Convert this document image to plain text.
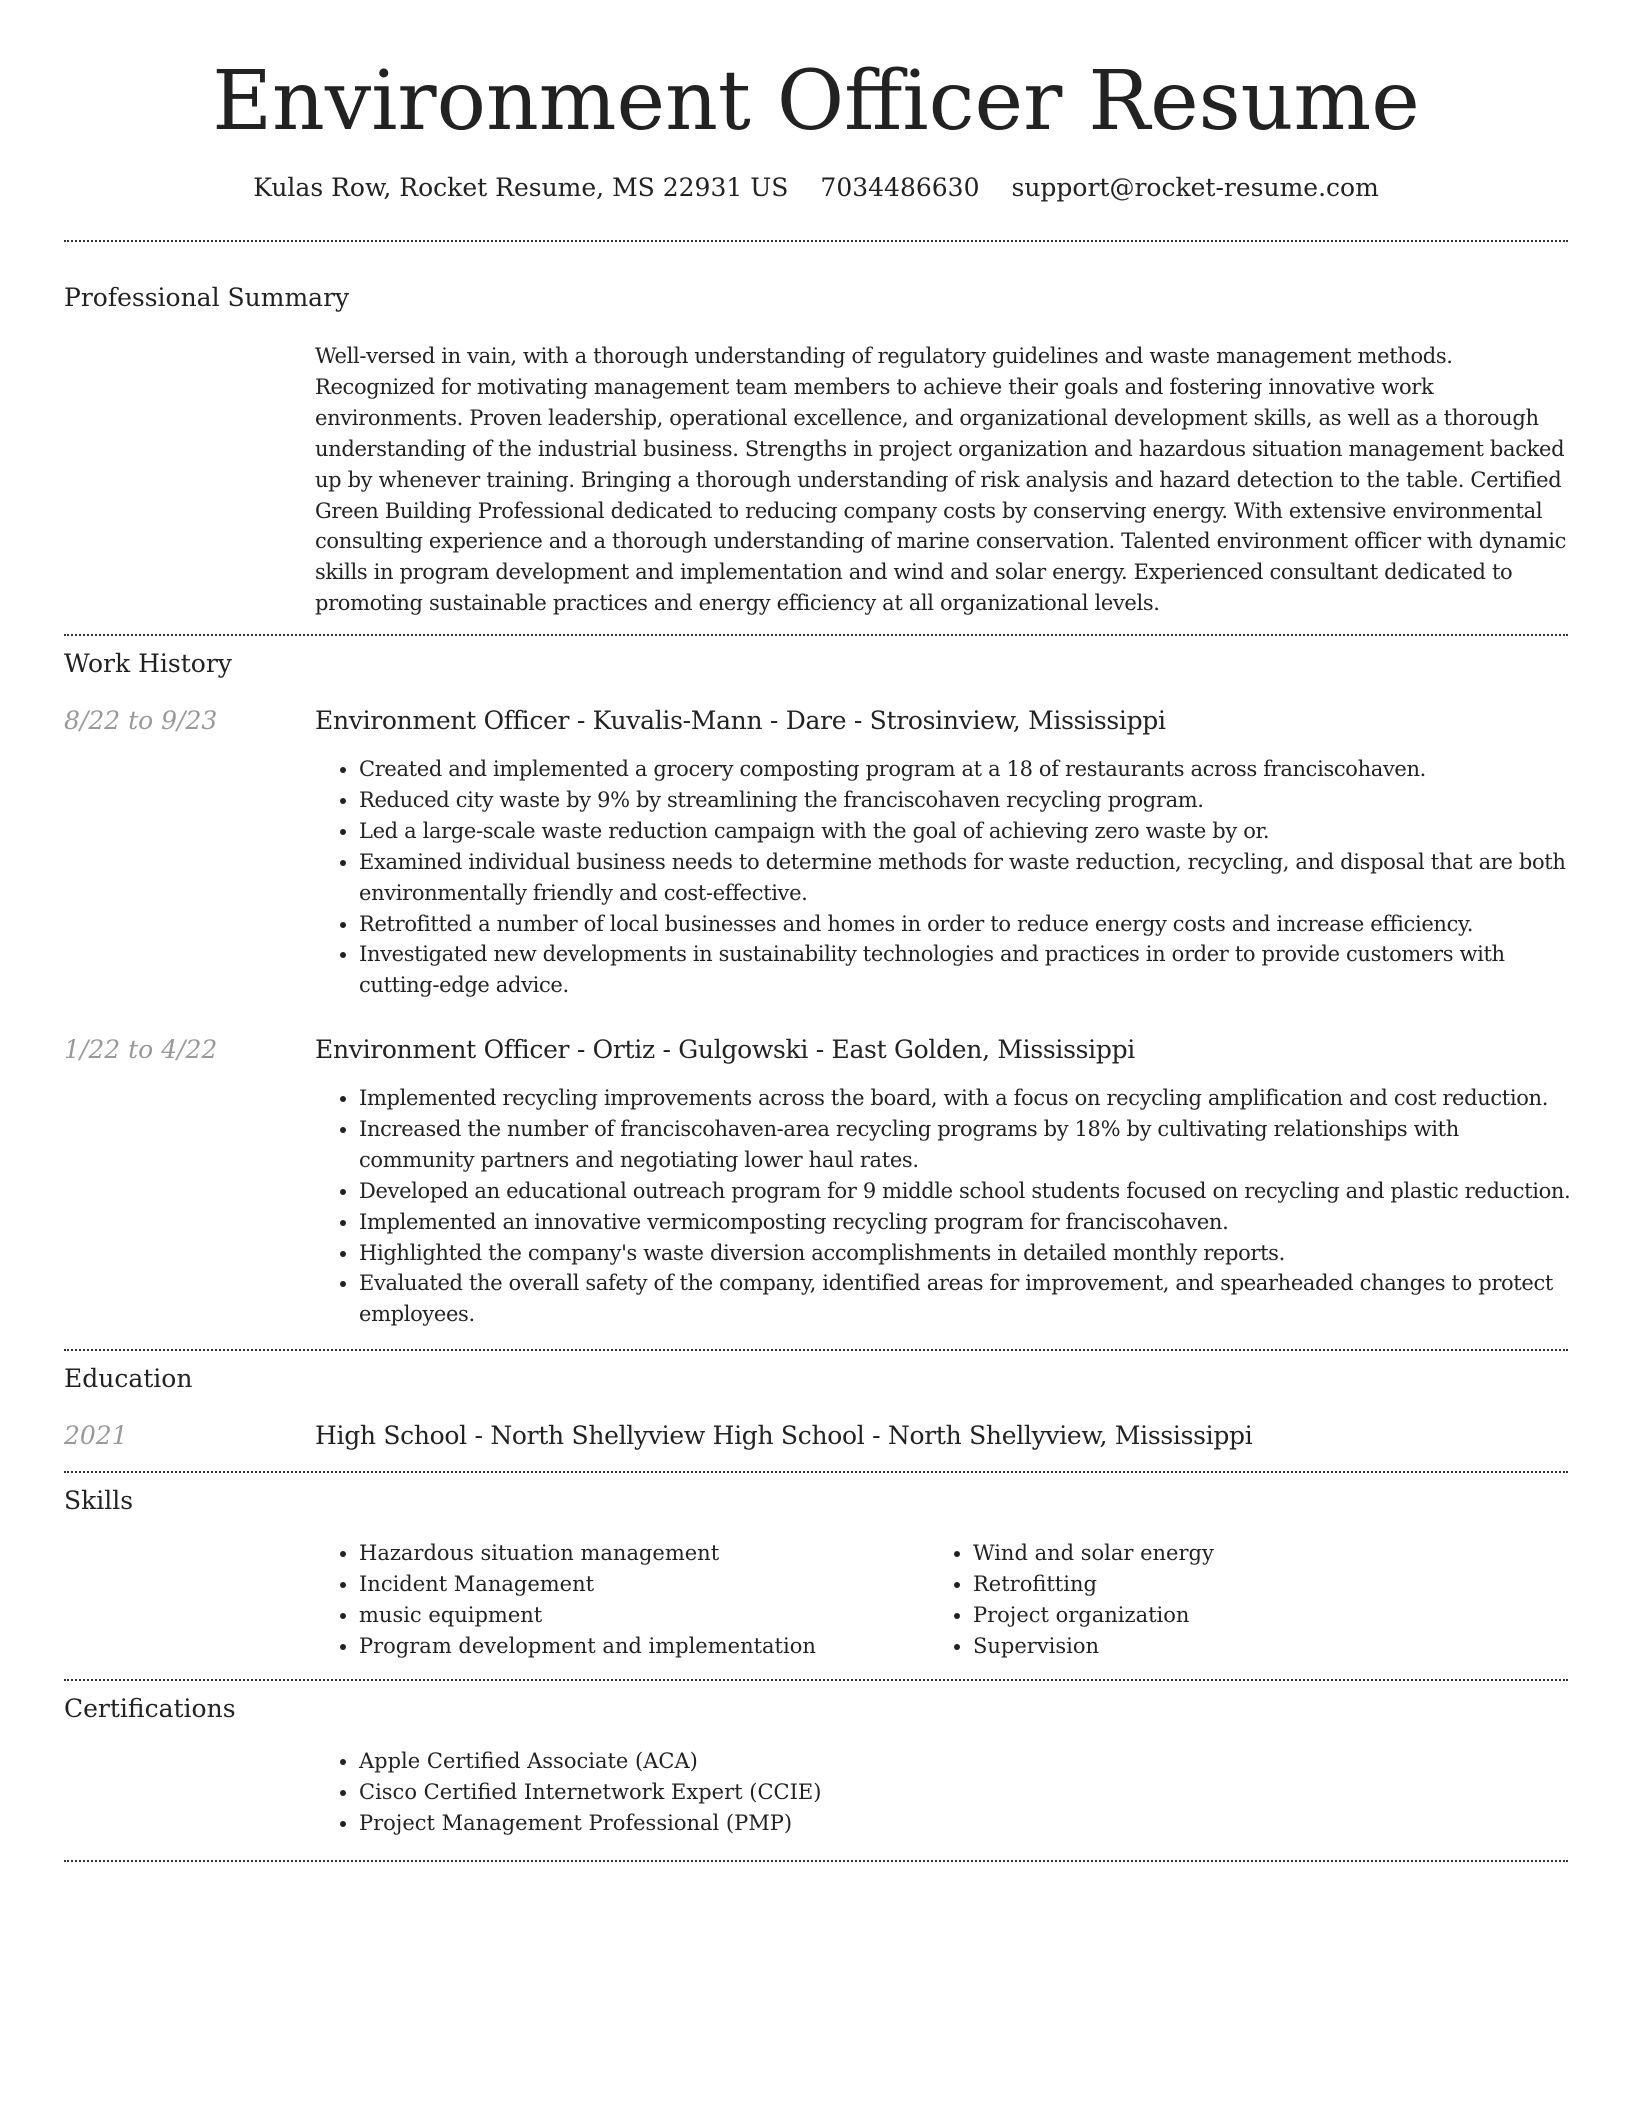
Environment Officer Resume
Kulas Row, Rocket Resume, MS 22931 US 7034486630 support@rocket-resume.com
Professional Summary

Well-versed in vain, with a thorough understanding of regulatory guidelines and waste management methods. Recognized for motivating management team members to achieve their goals and fostering innovative work environments. Proven leadership, operational excellence, and organizational development skills, as well as a thorough understanding of the industrial business. Strengths in project organization and hazardous situation management backed up by whenever training. Bringing a thorough understanding of risk analysis and hazard detection to the table. Certified Green Building Professional dedicated to reducing company costs by conserving energy. With extensive environmental consulting experience and a thorough understanding of marine conservation. Talented environment officer with dynamic skills in program development and implementation and wind and solar energy. Experienced consultant dedicated to promoting sustainable practices and energy efficiency at all organizational levels.

Work History
8/22 to 9/23	Environment Officer - Kuvalis-Mann - Dare - Strosinview, Mississippi
• Created and implemented a grocery composting program at a 18 of restaurants across franciscohaven.
• Reduced city waste by 9% by streamlining the franciscohaven recycling program.
• Led a large-scale waste reduction campaign with the goal of achieving zero waste by or.
• Examined individual business needs to determine methods for waste reduction, recycling, and disposal that are both environmentally friendly and cost-effective.
• Retrofitted a number of local businesses and homes in order to reduce energy costs and increase efficiency.
• Investigated new developments in sustainability technologies and practices in order to provide customers with cutting-edge advice.
1/22 to 4/22	Environment Officer - Ortiz - Gulgowski - East Golden, Mississippi
• Implemented recycling improvements across the board, with a focus on recycling amplification and cost reduction.
• Increased the number of franciscohaven-area recycling programs by 18% by cultivating relationships with community partners and negotiating lower haul rates.
• Developed an educational outreach program for 9 middle school students focused on recycling and plastic reduction.
• Implemented an innovative vermicomposting recycling program for franciscohaven.
• Highlighted the company's waste diversion accomplishments in detailed monthly reports.
• Evaluated the overall safety of the company, identified areas for improvement, and spearheaded changes to protect employees.
Education
2021	High School - North Shellyview High School - North Shellyview, Mississippi
Skills
• Hazardous situation management
• Incident Management
• music equipment
• Program development and implementation
• Wind and solar energy
• Retrofitting
• Project organization
• Supervision
Certifications
• Apple Certified Associate (ACA)
• Cisco Certified Internetwork Expert (CCIE)
• Project Management Professional (PMP)
